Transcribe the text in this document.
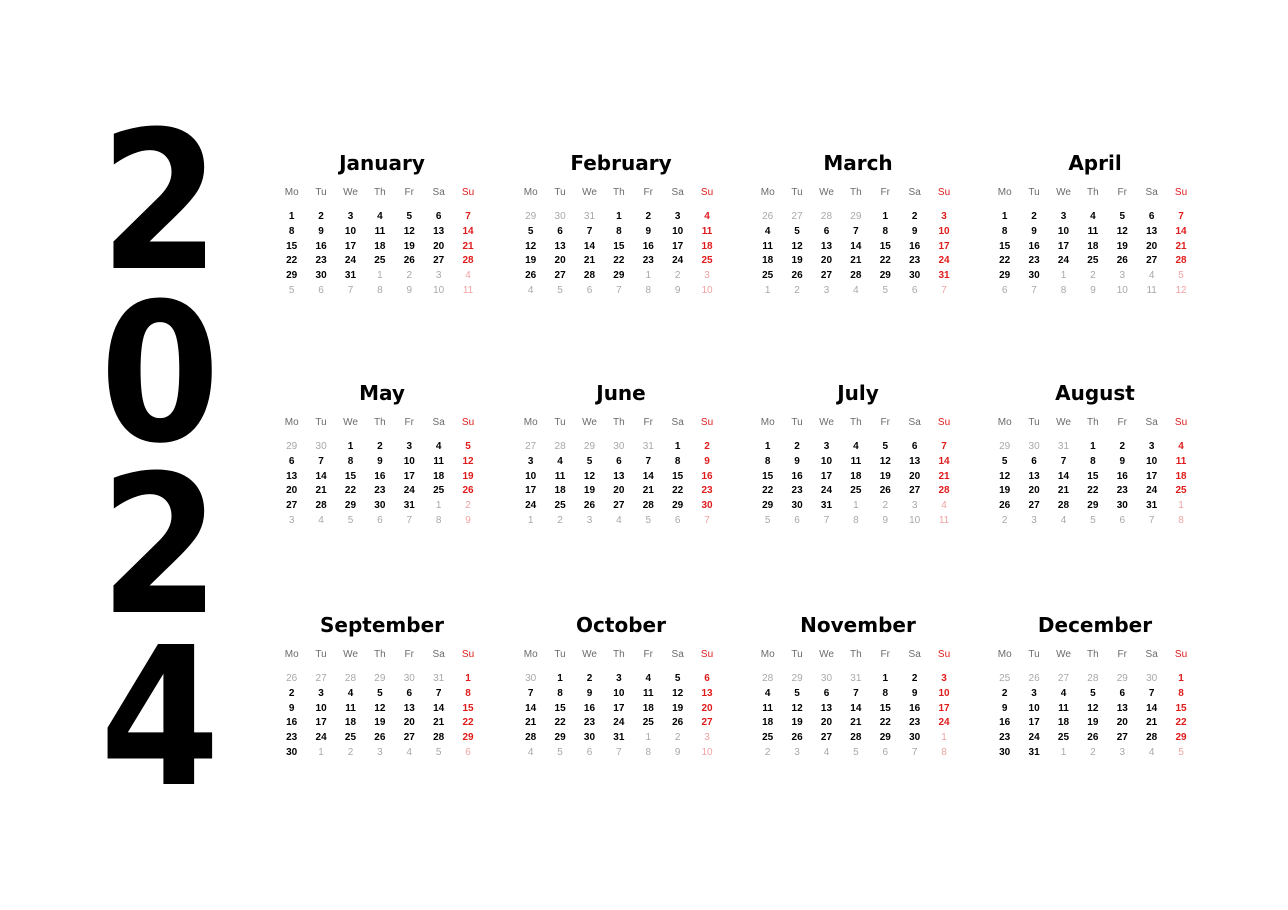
2
0
2
4
January
Mo	Tu	We	Th	Fr	Sa	Su
1	2	3	4	5	6	7
8	9	10	11	12	13	14
15	16	17	18	19	20	21
22	23	24	25	26	27	28
29	30	31	1	2	3	4
5	6	7	8	9	10	11
February
Mo	Tu	We	Th	Fr	Sa	Su
29	30	31	1	2	3	4
5	6	7	8	9	10	11
12	13	14	15	16	17	18
19	20	21	22	23	24	25
26	27	28	29	1	2	3
4	5	6	7	8	9	10
March
Mo	Tu	We	Th	Fr	Sa	Su
26	27	28	29	1	2	3
4	5	6	7	8	9	10
11	12	13	14	15	16	17
18	19	20	21	22	23	24
25	26	27	28	29	30	31
1	2	3	4	5	6	7
April
Mo	Tu	We	Th	Fr	Sa	Su
1	2	3	4	5	6	7
8	9	10	11	12	13	14
15	16	17	18	19	20	21
22	23	24	25	26	27	28
29	30	1	2	3	4	5
6	7	8	9	10	11	12
May
Mo	Tu	We	Th	Fr	Sa	Su
29	30	1	2	3	4	5
6	7	8	9	10	11	12
13	14	15	16	17	18	19
20	21	22	23	24	25	26
27	28	29	30	31	1	2
3	4	5	6	7	8	9
June
Mo	Tu	We	Th	Fr	Sa	Su
27	28	29	30	31	1	2
3	4	5	6	7	8	9
10	11	12	13	14	15	16
17	18	19	20	21	22	23
24	25	26	27	28	29	30
1	2	3	4	5	6	7
July
Mo	Tu	We	Th	Fr	Sa	Su
1	2	3	4	5	6	7
8	9	10	11	12	13	14
15	16	17	18	19	20	21
22	23	24	25	26	27	28
29	30	31	1	2	3	4
5	6	7	8	9	10	11
August
Mo	Tu	We	Th	Fr	Sa	Su
29	30	31	1	2	3	4
5	6	7	8	9	10	11
12	13	14	15	16	17	18
19	20	21	22	23	24	25
26	27	28	29	30	31	1
2	3	4	5	6	7	8
September
Mo	Tu	We	Th	Fr	Sa	Su
26	27	28	29	30	31	1
2	3	4	5	6	7	8
9	10	11	12	13	14	15
16	17	18	19	20	21	22
23	24	25	26	27	28	29
30	1	2	3	4	5	6
October
Mo	Tu	We	Th	Fr	Sa	Su
30	1	2	3	4	5	6
7	8	9	10	11	12	13
14	15	16	17	18	19	20
21	22	23	24	25	26	27
28	29	30	31	1	2	3
4	5	6	7	8	9	10
November
Mo	Tu	We	Th	Fr	Sa	Su
28	29	30	31	1	2	3
4	5	6	7	8	9	10
11	12	13	14	15	16	17
18	19	20	21	22	23	24
25	26	27	28	29	30	1
2	3	4	5	6	7	8
December
Mo	Tu	We	Th	Fr	Sa	Su
25	26	27	28	29	30	1
2	3	4	5	6	7	8
9	10	11	12	13	14	15
16	17	18	19	20	21	22
23	24	25	26	27	28	29
30	31	1	2	3	4	5
